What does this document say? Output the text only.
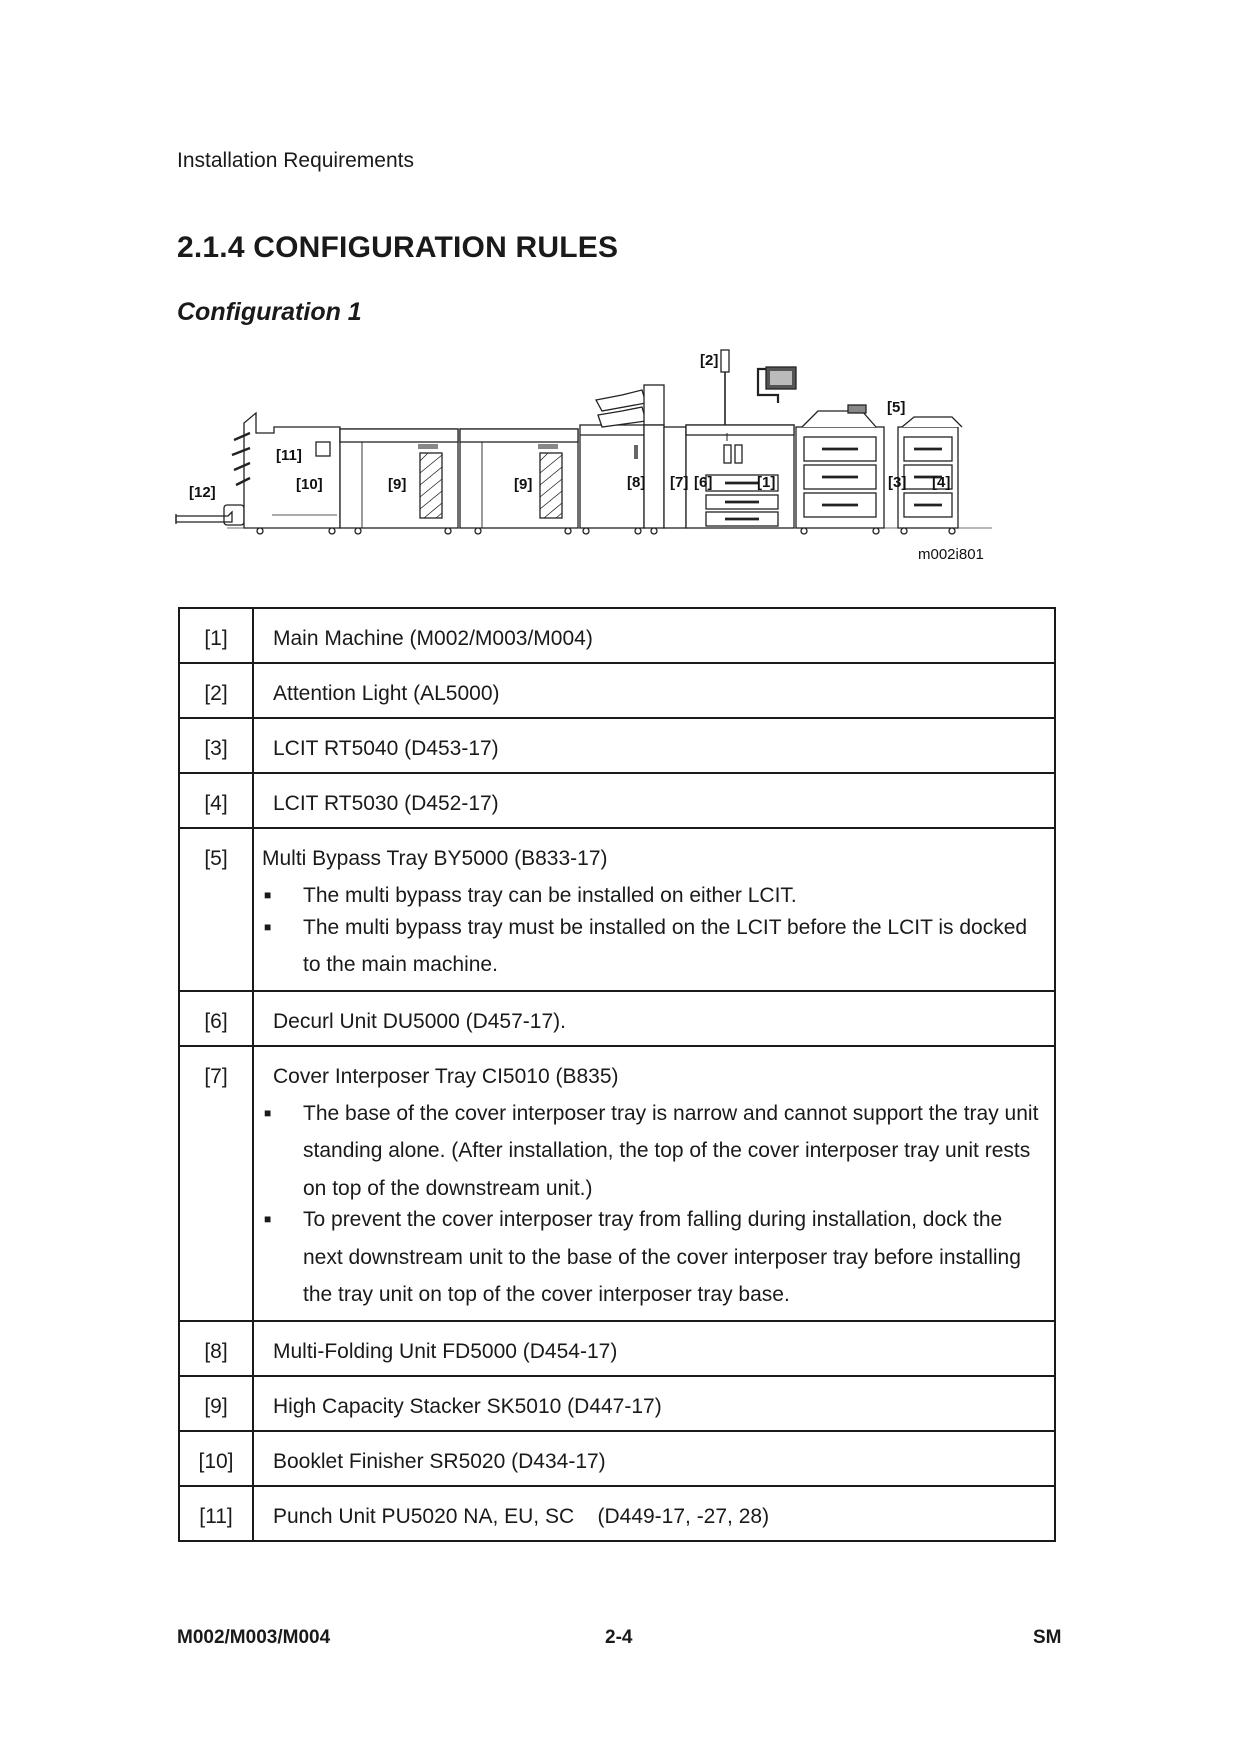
Installation Requirements
2.1.4 CONFIGURATION RULES
Configuration 1
[2]
[5]
[11]
[12]	[10]	[9]	[9]	[8] [7] [6]	[1]	[3] [4]
m002i801
[1]	Main Machine (M002/M003/M004)
[2]	Attention Light (AL5000)
[3]	LCIT RT5040 (D453-17)
[4]	LCIT RT5030 (D452-17)
[5]	Multi Bypass Tray BY5000 (B833-17)
■ The multi bypass tray can be installed on either LCIT.
■ The multi bypass tray must be installed on the LCIT before the LCIT is docked to the main machine.

[6]	Decurl Unit DU5000 (D457-17).
[7]	Cover Interposer Tray CI5010 (B835)
■ The base of the cover interposer tray is narrow and cannot support the tray unit standing alone. (After installation, the top of the cover interposer tray unit rests on top of the downstream unit.)
■ To prevent the cover interposer tray from falling during installation, dock the next downstream unit to the base of the cover interposer tray before installing the tray unit on top of the cover interposer tray base.

[8]	Multi-Folding Unit FD5000 (D454-17)
[9]	High Capacity Stacker SK5010 (D447-17)
[10]	Booklet Finisher SR5020 (D434-17)
[11]	Punch Unit PU5020 NA, EU, SC    (D449-17, -27, 28)
M002/M003/M004	2-4	SM
